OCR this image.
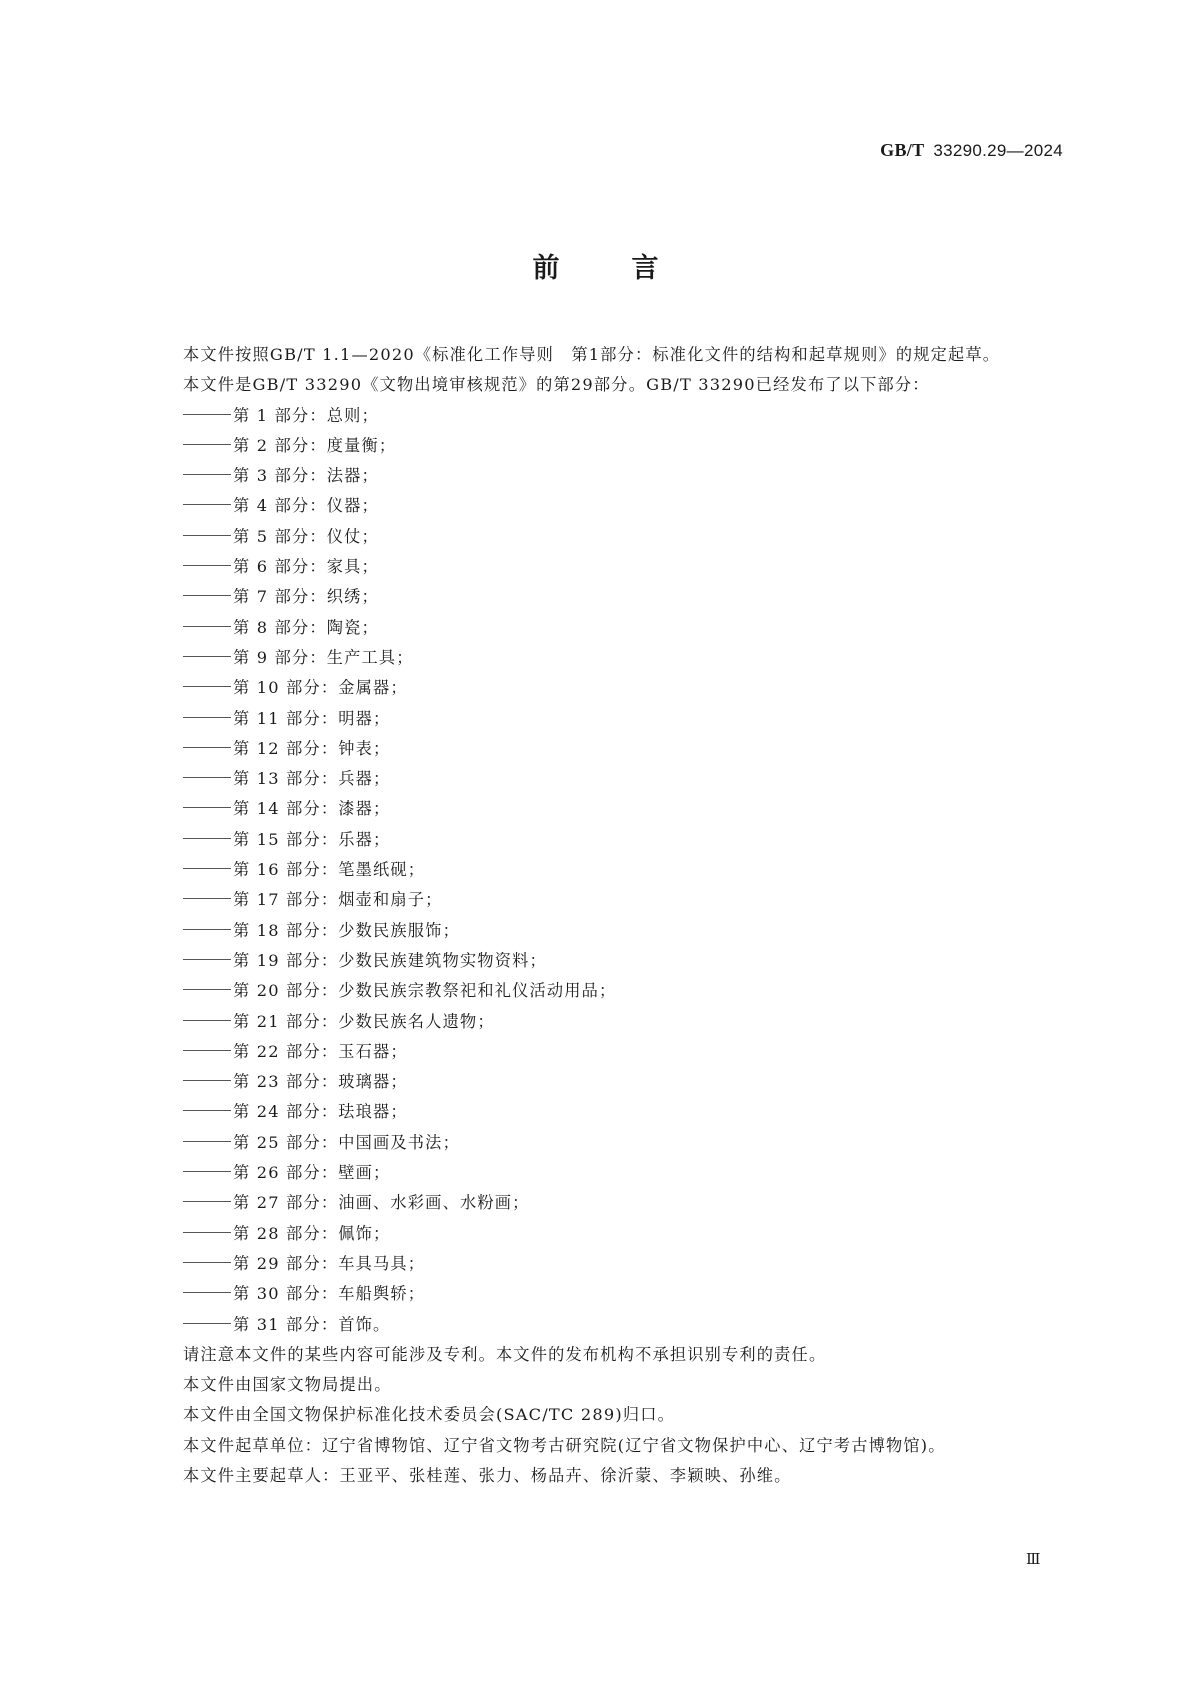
GB/T 33290.29—2024
前言

本文件按照GB/T 1.1—2020《标准化工作导则　第1部分：标准化文件的结构和起草规则》的规定起草。

本文件是GB/T 33290《文物出境审核规范》的第29部分。GB/T 33290已经发布了以下部分：

第 1 部分：总则；
第 2 部分：度量衡；
第 3 部分：法器；
第 4 部分：仪器；
第 5 部分：仪仗；
第 6 部分：家具；
第 7 部分：织绣；
第 8 部分：陶瓷；
第 9 部分：生产工具；
第 10 部分：金属器；
第 11 部分：明器；
第 12 部分：钟表；
第 13 部分：兵器；
第 14 部分：漆器；
第 15 部分：乐器；
第 16 部分：笔墨纸砚；
第 17 部分：烟壶和扇子；
第 18 部分：少数民族服饰；
第 19 部分：少数民族建筑物实物资料；
第 20 部分：少数民族宗教祭祀和礼仪活动用品；
第 21 部分：少数民族名人遗物；
第 22 部分：玉石器；
第 23 部分：玻璃器；
第 24 部分：珐琅器；
第 25 部分：中国画及书法；
第 26 部分：壁画；
第 27 部分：油画、水彩画、水粉画；
第 28 部分：佩饰；
第 29 部分：车具马具；
第 30 部分：车船舆轿；
第 31 部分：首饰。

请注意本文件的某些内容可能涉及专利。本文件的发布机构不承担识别专利的责任。

本文件由国家文物局提出。

本文件由全国文物保护标准化技术委员会(SAC/TC 289)归口。

本文件起草单位：辽宁省博物馆、辽宁省文物考古研究院(辽宁省文物保护中心、辽宁考古博物馆)。

本文件主要起草人：王亚平、张桂莲、张力、杨品卉、徐沂蒙、李颖映、孙维。

Ⅲ
